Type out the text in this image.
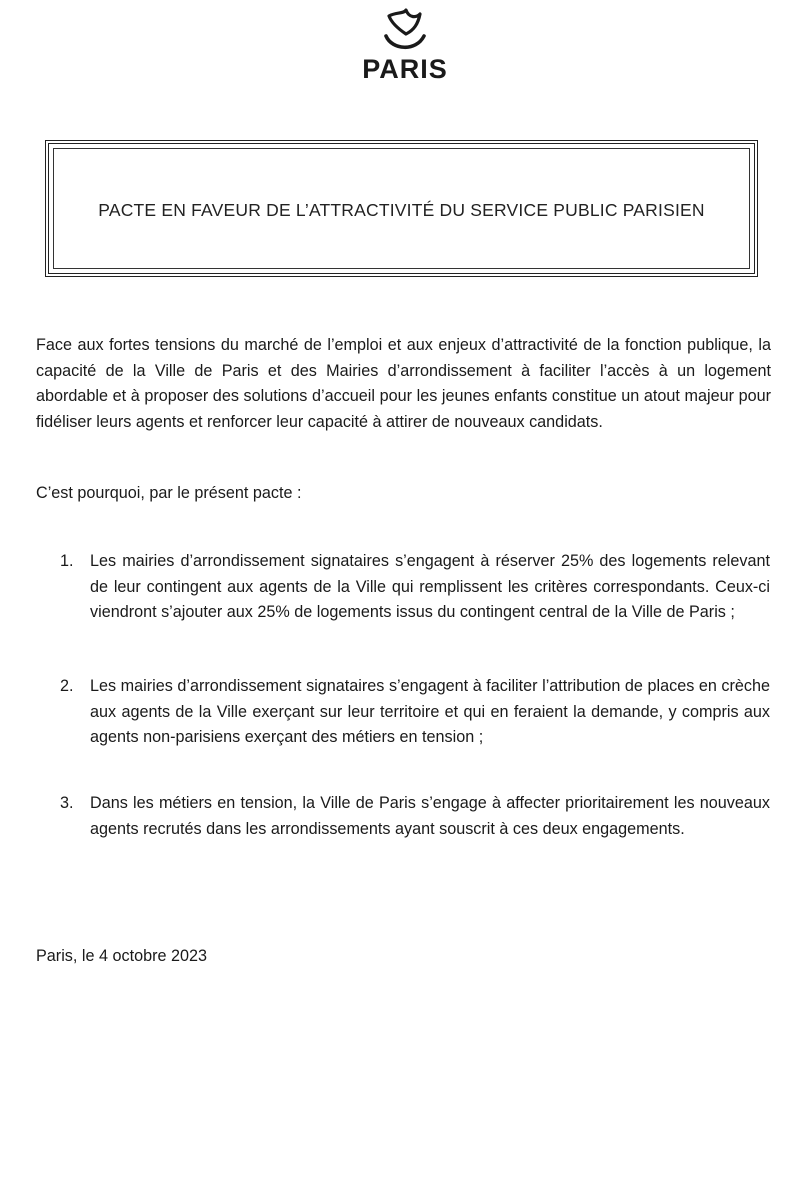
PARIS
PACTE EN FAVEUR DE L’ATTRACTIVITÉ DU SERVICE PUBLIC PARISIEN
Face aux fortes tensions du marché de l’emploi et aux enjeux d’attractivité de la fonction publique, la capacité de la Ville de Paris et des Mairies d’arrondissement à faciliter l’accès à un logement abordable et à proposer des solutions d’accueil pour les jeunes enfants constitue un atout majeur pour fidéliser leurs agents et renforcer leur capacité à attirer de nouveaux candidats.
C’est pourquoi, par le présent pacte :
1. Les mairies d’arrondissement signataires s’engagent à réserver 25% des logements relevant de leur contingent aux agents de la Ville qui remplissent les critères correspondants. Ceux-ci viendront s’ajouter aux 25% de logements issus du contingent central de la Ville de Paris ;
2. Les mairies d’arrondissement signataires s’engagent à faciliter l’attribution de places en crèche aux agents de la Ville exerçant sur leur territoire et qui en feraient la demande, y compris aux agents non-parisiens exerçant des métiers en tension ;
3. Dans les métiers en tension, la Ville de Paris s’engage à affecter prioritairement les nouveaux agents recrutés dans les arrondissements ayant souscrit à ces deux engagements.
Paris, le 4 octobre 2023
